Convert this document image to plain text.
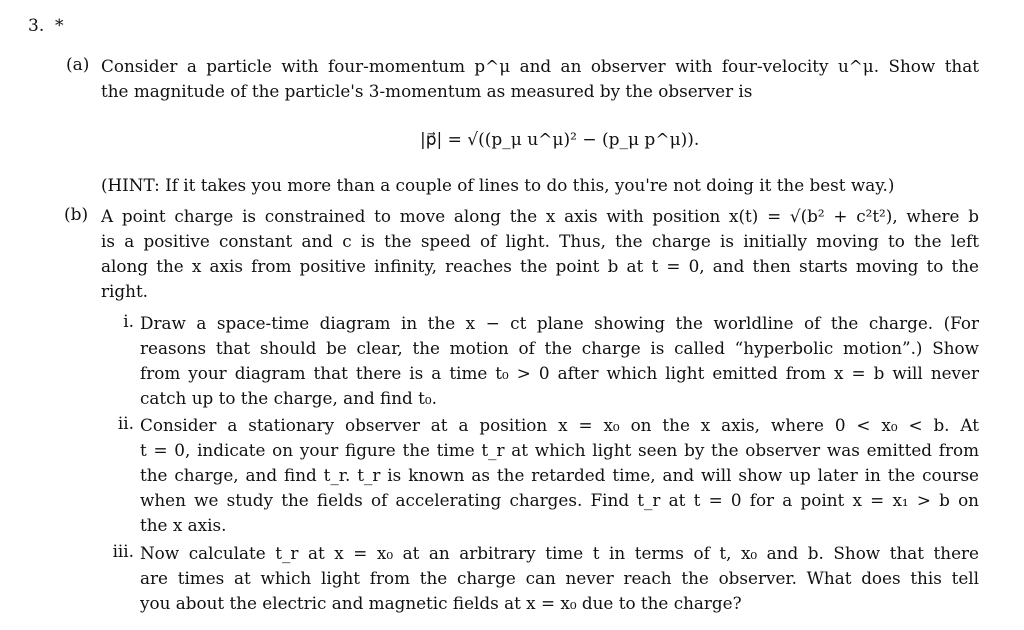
3. *
(a) Consider a particle with four-momentum p^μ and an observer with four-velocity u^μ. Show that
the magnitude of the particle's 3-momentum as measured by the observer is
|p⃗| = √((p_μ u^μ)² − (p_μ p^μ)).
(HINT: If it takes you more than a couple of lines to do this, you're not doing it the best way.)
(b) A point charge is constrained to move along the x axis with position x(t) = √(b² + c²t²), where b
is a positive constant and c is the speed of light. Thus, the charge is initially moving to the left
along the x axis from positive infinity, reaches the point b at t = 0, and then starts moving to the
right.
i. Draw a space-time diagram in the x − ct plane showing the worldline of the charge. (For
reasons that should be clear, the motion of the charge is called “hyperbolic motion”.) Show
from your diagram that there is a time t₀ > 0 after which light emitted from x = b will never
catch up to the charge, and find t₀.
ii. Consider a stationary observer at a position x = x₀ on the x axis, where 0 < x₀ < b. At
t = 0, indicate on your figure the time t_r at which light seen by the observer was emitted from
the charge, and find t_r. t_r is known as the retarded time, and will show up later in the course
when we study the fields of accelerating charges. Find t_r at t = 0 for a point x = x₁ > b on
the x axis.
iii. Now calculate t_r at x = x₀ at an arbitrary time t in terms of t, x₀ and b. Show that there
are times at which light from the charge can never reach the observer. What does this tell
you about the electric and magnetic fields at x = x₀ due to the charge?
